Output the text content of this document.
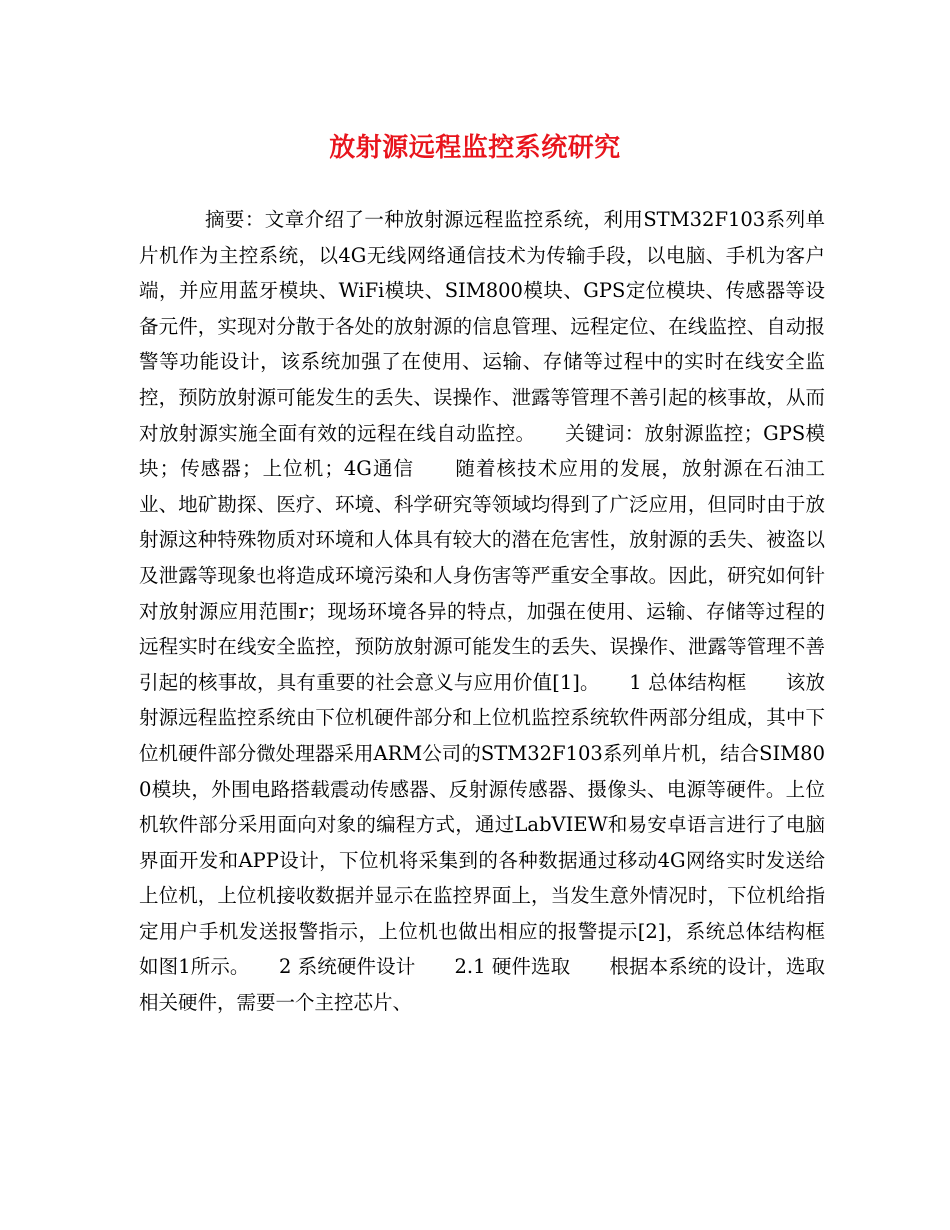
放射源远程监控系统研究

摘要：文章介绍了一种放射源远程监控系统，利用STM32F103系列单片机作为主控系统，以4G无线网络通信技术为传输手段，以电脑、手机为客户端，并应用蓝牙模块、WiFi模块、SIM800模块、GPS定位模块、传感器等设备元件，实现对分散于各处的放射源的信息管理、远程定位、在线监控、自动报警等功能设计，该系统加强了在使用、运输、存储等过程中的实时在线安全监控，预防放射源可能发生的丢失、误操作、泄露等管理不善引起的核事故，从而对放射源实施全面有效的远程在线自动监控。　　关键词：放射源监控；GPS模块；传感器；上位机；4G通信　　随着核技术应用的发展，放射源在石油工业、地矿勘探、医疗、环境、科学研究等领域均得到了广泛应用，但同时由于放射源这种特殊物质对环境和人体具有较大的潜在危害性，放射源的丢失、被盗以及泄露等现象也将造成环境污染和人身伤害等严重安全事故。因此，研究如何针对放射源应用范围r；现场环境各异的特点，加强在使用、运输、存储等过程的远程实时在线安全监控，预防放射源可能发生的丢失、误操作、泄露等管理不善引起的核事故，具有重要的社会意义与应用价值[1]。　　1 总体结构框　　该放射源远程监控系统由下位机硬件部分和上位机监控系统软件两部分组成，其中下位机硬件部分微处理器采用ARM公司的STM32F103系列单片机，结合SIM800模块，外围电路搭载震动传感器、反射源传感器、摄像头、电源等硬件。上位机软件部分采用面向对象的编程方式，通过LabVIEW和易安卓语言进行了电脑界面开发和APP设计，下位机将采集到的各种数据通过移动4G网络实时发送给上位机，上位机接收数据并显示在监控界面上，当发生意外情况时，下位机给指定用户手机发送报警指示，上位机也做出相应的报警提示[2]，系统总体结构框如图1所示。　　2 系统硬件设计　　2.1 硬件选取　　根据本系统的设计，选取相关硬件，需要一个主控芯片、
